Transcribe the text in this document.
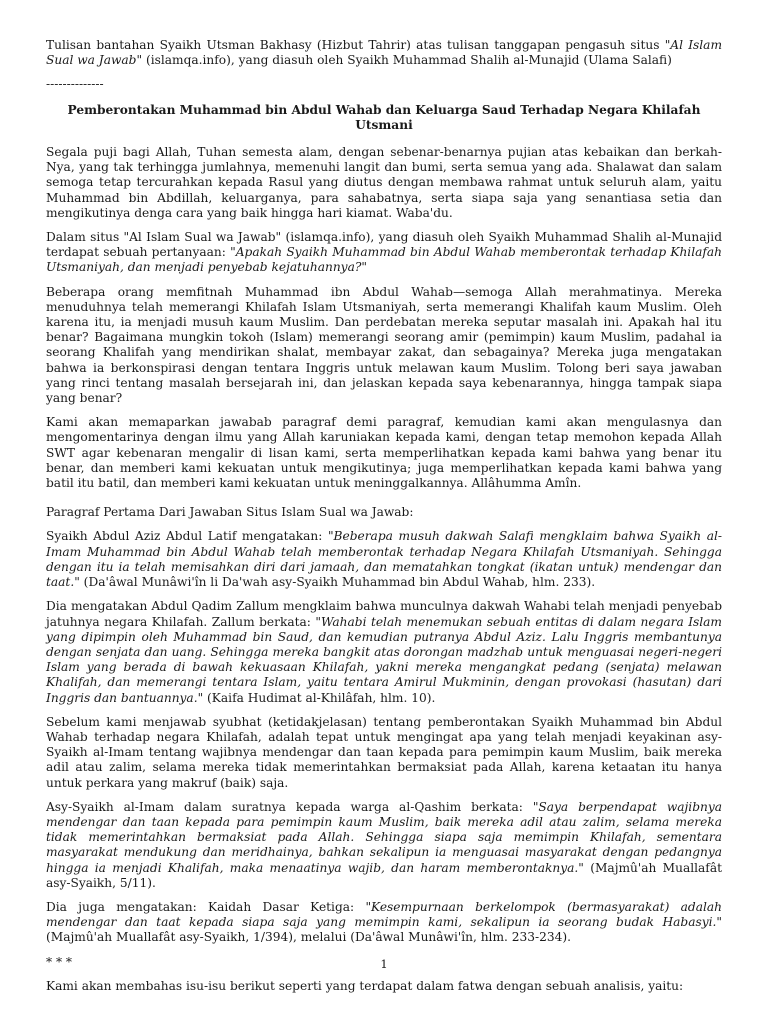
Tulisan bantahan Syaikh Utsman Bakhasy (Hizbut Tahrir) atas tulisan tanggapan pengasuh situs "Al Islam Sual wa Jawab" (islamqa.info), yang diasuh oleh Syaikh Muhammad Shalih al-Munajid (Ulama Salafi)

--------------

Pemberontakan Muhammad bin Abdul Wahab dan Keluarga Saud Terhadap Negara Khilafah Utsmani

Segala puji bagi Allah, Tuhan semesta alam, dengan sebenar-benarnya pujian atas kebaikan dan berkah-Nya, yang tak terhingga jumlahnya, memenuhi langit dan bumi, serta semua yang ada. Shalawat dan salam semoga tetap tercurahkan kepada Rasul yang diutus dengan membawa rahmat untuk seluruh alam, yaitu Muhammad bin Abdillah, keluarganya, para sahabatnya, serta siapa saja yang senantiasa setia dan mengikutinya denga cara yang baik hingga hari kiamat. Waba'du.

Dalam situs "Al Islam Sual wa Jawab" (islamqa.info), yang diasuh oleh Syaikh Muhammad Shalih al-Munajid terdapat sebuah pertanyaan: "Apakah Syaikh Muhammad bin Abdul Wahab memberontak terhadap Khilafah Utsmaniyah, dan menjadi penyebab kejatuhannya?"

Beberapa orang memfitnah Muhammad ibn Abdul Wahab—semoga Allah merahmatinya. Mereka menuduhnya telah memerangi Khilafah Islam Utsmaniyah, serta memerangi Khalifah kaum Muslim. Oleh karena itu, ia menjadi musuh kaum Muslim. Dan perdebatan mereka seputar masalah ini. Apakah hal itu benar? Bagaimana mungkin tokoh (Islam) memerangi seorang amir (pemimpin) kaum Muslim, padahal ia seorang Khalifah yang mendirikan shalat, membayar zakat, dan sebagainya? Mereka juga mengatakan bahwa ia berkonspirasi dengan tentara Inggris untuk melawan kaum Muslim. Tolong beri saya jawaban yang rinci tentang masalah bersejarah ini, dan jelaskan kepada saya kebenarannya, hingga tampak siapa yang benar?

Kami akan memaparkan jawabab paragraf demi paragraf, kemudian kami akan mengulasnya dan mengomentarinya dengan ilmu yang Allah karuniakan kepada kami, dengan tetap memohon kepada Allah SWT agar kebenaran mengalir di lisan kami, serta memperlihatkan kepada kami bahwa yang benar itu benar, dan memberi kami kekuatan untuk mengikutinya; juga memperlihatkan kepada kami bahwa yang batil itu batil, dan memberi kami kekuatan untuk meninggalkannya. Allâhumma Amîn.

Paragraf Pertama Dari Jawaban Situs Islam Sual wa Jawab:

Syaikh Abdul Aziz Abdul Latif mengatakan: "Beberapa musuh dakwah Salafi mengklaim bahwa Syaikh al-Imam Muhammad bin Abdul Wahab telah memberontak terhadap Negara Khilafah Utsmaniyah. Sehingga dengan itu ia telah memisahkan diri dari jamaah, dan mematahkan tongkat (ikatan untuk) mendengar dan taat." (Da'âwal Munâwi'în li Da'wah asy-Syaikh Muhammad bin Abdul Wahab, hlm. 233).

Dia mengatakan Abdul Qadim Zallum mengklaim bahwa munculnya dakwah Wahabi telah menjadi penyebab jatuhnya negara Khilafah. Zallum berkata: "Wahabi telah menemukan sebuah entitas di dalam negara Islam yang dipimpin oleh Muhammad bin Saud, dan kemudian putranya Abdul Aziz. Lalu Inggris membantunya dengan senjata dan uang. Sehingga mereka bangkit atas dorongan madzhab untuk menguasai negeri-negeri Islam yang berada di bawah kekuasaan Khilafah, yakni mereka mengangkat pedang (senjata) melawan Khalifah, dan memerangi tentara Islam, yaitu tentara Amirul Mukminin, dengan provokasi (hasutan) dari Inggris dan bantuannya." (Kaifa Hudimat al-Khilâfah, hlm. 10).

Sebelum kami menjawab syubhat (ketidakjelasan) tentang pemberontakan Syaikh Muhammad bin Abdul Wahab terhadap negara Khilafah, adalah tepat untuk mengingat apa yang telah menjadi keyakinan asy-Syaikh al-Imam tentang wajibnya mendengar dan taan kepada para pemimpin kaum Muslim, baik mereka adil atau zalim, selama mereka tidak memerintahkan bermaksiat pada Allah, karena ketaatan itu hanya untuk perkara yang makruf (baik) saja.

Asy-Syaikh al-Imam dalam suratnya kepada warga al-Qashim berkata: "Saya berpendapat wajibnya mendengar dan taan kepada para pemimpin kaum Muslim, baik mereka adil atau zalim, selama mereka tidak memerintahkan bermaksiat pada Allah. Sehingga siapa saja memimpin Khilafah, sementara masyarakat mendukung dan meridhainya, bahkan sekalipun ia menguasai masyarakat dengan pedangnya hingga ia menjadi Khalifah, maka menaatinya wajib, dan haram memberontaknya." (Majmû'ah Muallafât asy-Syaikh, 5/11).

Dia juga mengatakan: Kaidah Dasar Ketiga: "Kesempurnaan berkelompok (bermasyarakat) adalah mendengar dan taat kepada siapa saja yang memimpin kami, sekalipun ia seorang budak Habasyi." (Majmû'ah Muallafât asy-Syaikh, 1/394), melalui (Da'âwal Munâwi'în, hlm. 233-234).

* * *

Kami akan membahas isu-isu berikut seperti yang terdapat dalam fatwa dengan sebuah analisis, yaitu:

1
